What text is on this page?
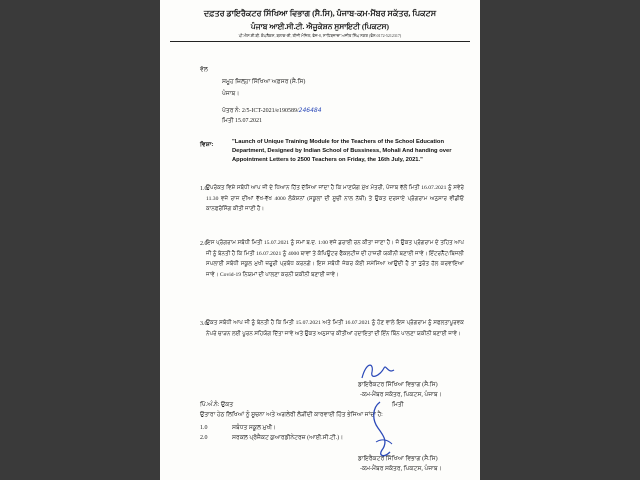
ਦਫ਼ਤਰ ਡਾਇਰੈਕਟਰ ਸਿੱਖਿਆ ਵਿਭਾਗ (ਸੈ.ਸਿ), ਪੰਜਾਬ-ਕਮ-ਮੈਂਬਰ ਸਕੱਤਰ, ਪਿਕਟਸ
ਪੰਜਾਬ ਆਈ.ਸੀ.ਟੀ. ਐਜੂਕੇਸ਼ਨ ਸੁਸਾਇਟੀ (ਪਿਕਟਸ)
ਪੀ.ਐਸ.ਈ.ਬੀ. ਕੰਪਲੈਕਸ, ਬਲਾਕ-ਈ, ਤੀਜੀ ਮੰਜ਼ਿਲ, ਫੇਜ਼-8, ਸਾਹਿਬਜ਼ਾਦਾ ਅਜੀਤ ਸਿੰਘ ਨਗਰ (ਫੋਨ:0172-5212317)
ਵੱਲ
ਸਮੂਹ ਜ਼ਿਲ੍ਹਾ ਸਿੱਖਿਆ ਅਫ਼ਸਰ (ਸੈ.ਸਿ)
ਪੰਜਾਬ।
ਪੱਤਰ ਨੰ: 2/5-ICT-2021/e190589/246484
ਮਿਤੀ 15.07.2021
ਵਿਸ਼ਾ:	"Launch of Unique Training Module for the Teachers of the School Education Department, Designed by Indian School of Bussiness, Mohali And handing over Appointment Letters to 2500 Teachers on Friday, the 16th July, 2021."
1.0
ਉਪਰੋਕਤ ਵਿਸ਼ੇ ਸਬੰਧੀ ਆਪ ਜੀ ਦੇ ਧਿਆਨ ਹਿੱਤ ਦੱਸਿਆ ਜਾਂਦਾ ਹੈ ਕਿ ਮਾਣਯੋਗ ਮੁੱਖ ਮੰਤਰੀ, ਪੰਜਾਬ ਵੱਲੋਂ ਮਿਤੀ 16.07.2021 ਨੂੰ ਸਵੇਰੇ 11.30 ਵਜੇ ਰਾਜ ਦੀਆਂ ਵੱਖ-ਵੱਖ 4000 ਲੋਕੇਸ਼ਨਾਂ (ਸਕੂਲਾਂ ਦੀ ਸੂਚੀ ਨਾਲ ਨੱਥੀ) ਤੇ ਉਕਤ ਦਰਸਾਏ ਪ੍ਰੋਗਰਾਮ ਅਨੁਸਾਰ ਵੀਡੀਓ ਕਾਨਫਰੰਸਿੰਗ ਕੀਤੀ ਜਾਣੀ ਹੈ।
2.0
ਇਸ ਪ੍ਰੋਗਰਾਮ ਸਬੰਧੀ ਮਿਤੀ 15.07.2021 ਨੂੰ ਸਮਾਂ ਬ.ਦ. 1:00 ਵਜੇ ਡਰਾਈ ਰਨ ਕੀਤਾ ਜਾਣਾ ਹੈ। ਜੋ ਉਕਤ ਪ੍ਰੋਗਰਾਮ ਦੇ ਤਹਿਤ ਆਪ ਜੀ ਨੂੰ ਬੇਨਤੀ ਹੈ ਕਿ ਮਿਤੀ 16.07.2021 ਨੂੰ 4000 ਥਾਵਾਂ ਤੇ ਕੰਪਿਊਟਰ ਫੈਕਲਟੀਜ਼ ਦੀ ਹਾਜ਼ਰੀ ਯਕੀਨੀ ਬਣਾਈ ਜਾਵੇ। ਇੰਟਰਨੈੱਟ/ਬਿਜਲੀ ਸਪਲਾਈ ਸਬੰਧੀ ਸਕੂਲ ਮੁਖੀ ਜ਼ਰੂਰੀ ਪ੍ਰਬੰਧ ਕਰਨਗੇ। ਇਸ ਸਬੰਧੀ ਜੇਕਰ ਕੋਈ ਸਮੱਸਿਆ ਆਉਂਦੀ ਹੈ ਤਾਂ ਤੁਰੰਤ ਹੱਲ ਕਰਵਾਇਆ ਜਾਵੇ। Covid-19 ਨਿਯਮਾਂ ਦੀ ਪਾਲਣਾ ਕਰਨੀ ਯਕੀਨੀ ਬਣਾਈ ਜਾਵੇ।
3.0
ਉਕਤ ਸਬੰਧੀ ਆਪ ਜੀ ਨੂੰ ਬੇਨਤੀ ਹੈ ਕਿ ਮਿਤੀ 15.07.2021 ਅਤੇ ਮਿਤੀ 16.07.2021 ਨੂੰ ਹੋਣ ਵਾਲੇ ਇਸ ਪ੍ਰੋਗਰਾਮ ਨੂੰ ਸਫਲਤਾਪੂਰਵਕ ਨੇਪਰੇ ਚਾੜਨ ਲਈ ਪੂਰਨ ਸਹਿਯੋਗ ਦਿੱਤਾ ਜਾਵੇ ਅਤੇ ਉਕਤ ਅਨੁਸਾਰ ਕੀਤੀਆਂ ਹਦਾਇਤਾਂ ਦੀ ਇੰਨ ਬਿੰਨ ਪਾਲਣਾ ਯਕੀਨੀ ਬਣਾਈ ਜਾਵੇ।
ਡਾਇਰੈਕਟਰ ਸਿੱਖਿਆ ਵਿਭਾਗ (ਸੈ.ਸਿ)
-ਕਮ-ਮੈਂਬਰ ਸਕੱਤਰ, ਪਿਕਟਸ, ਪੰਜਾਬ।
ਮਿਤੀ
ਪਿੱ.ਅੰ.ਨੰ: ਉਕਤ
ਉਤਾਰਾ ਹੇਠ ਲਿਖਿਆਂ ਨੂੰ ਸੂਚਨਾ ਅਤੇ ਅਗਲੇਰੀ ਲੋੜੀਂਦੀ ਕਾਰਵਾਈ ਹਿੱਤ ਭੇਜਿਆ ਜਾਂਦਾ ਹੈ:
1.0	ਸਬੰਧਤ ਸਕੂਲ ਮੁਖੀ।
2.0	ਸਰਕਲ ਪ੍ਰੋਜੈਕਟ ਕੁਆਰਡੀਨੇਟਰਜ਼ (ਆਈ.ਸੀ.ਟੀ.)।
ਡਾਇਰੈਕਟਰ ਸਿੱਖਿਆ ਵਿਭਾਗ (ਸੈ.ਸਿ)
-ਕਮ-ਮੈਂਬਰ ਸਕੱਤਰ, ਪਿਕਟਸ, ਪੰਜਾਬ।
